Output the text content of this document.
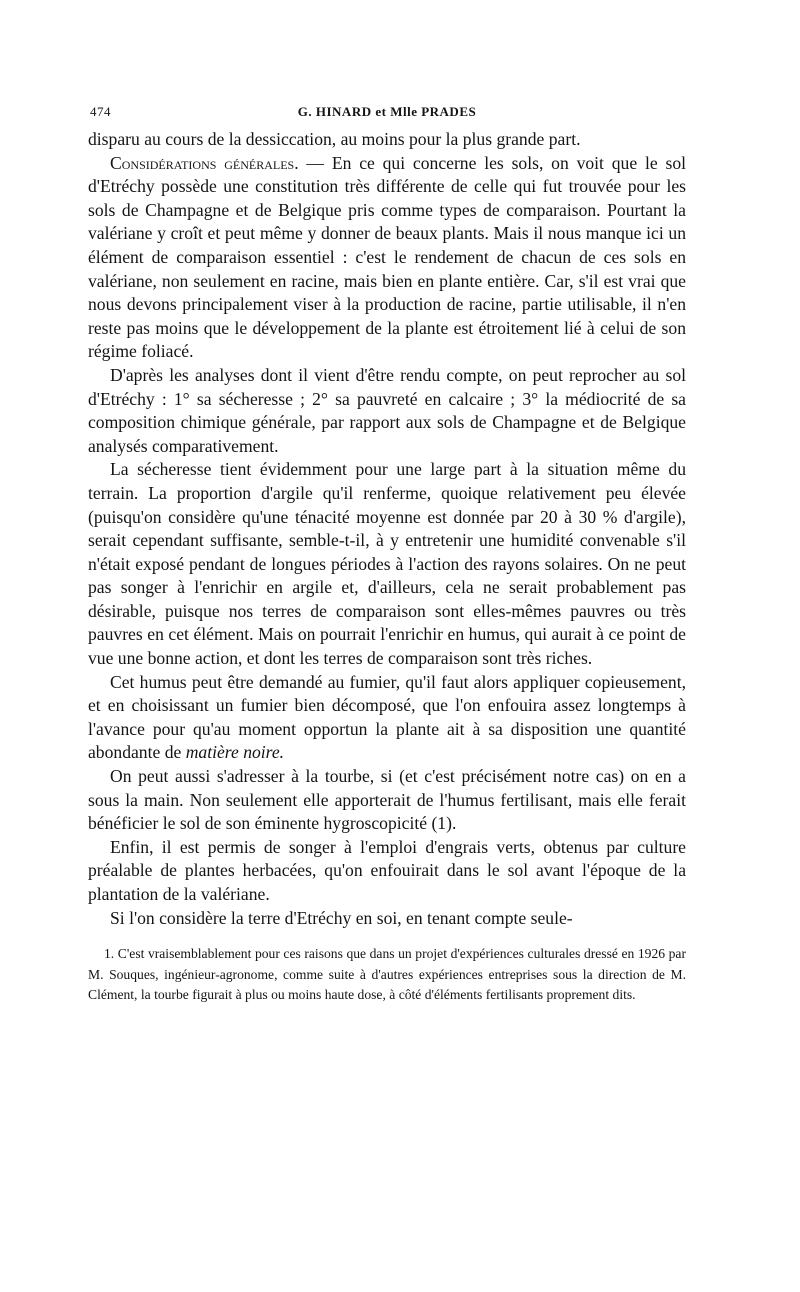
474	G. HINARD et Mlle PRADES

disparu au cours de la dessiccation, au moins pour la plus grande part.

Considérations générales. — En ce qui concerne les sols, on voit que le sol d'Etréchy possède une constitution très différente de celle qui fut trouvée pour les sols de Champagne et de Belgique pris comme types de comparaison. Pourtant la valériane y croît et peut même y donner de beaux plants. Mais il nous manque ici un élément de comparaison essentiel : c'est le rendement de chacun de ces sols en valériane, non seulement en racine, mais bien en plante entière. Car, s'il est vrai que nous devons principalement viser à la production de racine, partie utilisable, il n'en reste pas moins que le développement de la plante est étroitement lié à celui de son régime foliacé.

D'après les analyses dont il vient d'être rendu compte, on peut reprocher au sol d'Etréchy : 1° sa sécheresse ; 2° sa pauvreté en calcaire ; 3° la médiocrité de sa composition chimique générale, par rapport aux sols de Champagne et de Belgique analysés comparativement.

La sécheresse tient évidemment pour une large part à la situation même du terrain. La proportion d'argile qu'il renferme, quoique relativement peu élevée (puisqu'on considère qu'une ténacité moyenne est donnée par 20 à 30 % d'argile), serait cependant suffisante, semble-t-il, à y entretenir une humidité convenable s'il n'était exposé pendant de longues périodes à l'action des rayons solaires. On ne peut pas songer à l'enrichir en argile et, d'ailleurs, cela ne serait probablement pas désirable, puisque nos terres de comparaison sont elles-mêmes pauvres ou très pauvres en cet élément. Mais on pourrait l'enrichir en humus, qui aurait à ce point de vue une bonne action, et dont les terres de comparaison sont très riches.

Cet humus peut être demandé au fumier, qu'il faut alors appliquer copieusement, et en choisissant un fumier bien décomposé, que l'on enfouira assez longtemps à l'avance pour qu'au moment opportun la plante ait à sa disposition une quantité abondante de matière noire.

On peut aussi s'adresser à la tourbe, si (et c'est précisément notre cas) on en a sous la main. Non seulement elle apporterait de l'humus fertilisant, mais elle ferait bénéficier le sol de son éminente hygroscopicité (1).

Enfin, il est permis de songer à l'emploi d'engrais verts, obtenus par culture préalable de plantes herbacées, qu'on enfouirait dans le sol avant l'époque de la plantation de la valériane.

Si l'on considère la terre d'Etréchy en soi, en tenant compte seule-

1. C'est vraisemblablement pour ces raisons que dans un projet d'expériences culturales dressé en 1926 par M. Souques, ingénieur-agronome, comme suite à d'autres expériences entreprises sous la direction de M. Clément, la tourbe figurait à plus ou moins haute dose, à côté d'éléments fertilisants proprement dits.
